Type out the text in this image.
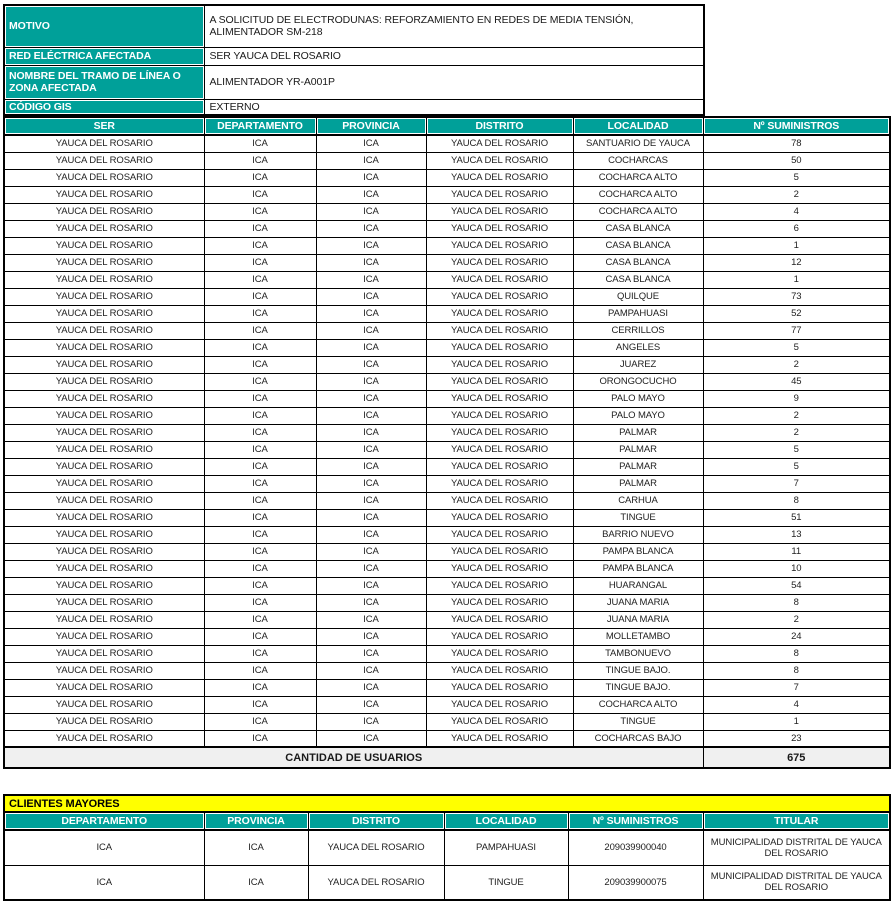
MOTIVO	A SOLICITUD DE ELECTRODUNAS: REFORZAMIENTO EN REDES DE MEDIA TENSIÓN, ALIMENTADOR SM-218
RED ELÉCTRICA AFECTADA	SER YAUCA DEL ROSARIO
NOMBRE DEL TRAMO DE LÍNEA O ZONA AFECTADA	ALIMENTADOR YR-A001P
CÓDIGO GIS	EXTERNO
SER	DEPARTAMENTO	PROVINCIA	DISTRITO	LOCALIDAD	Nº SUMINISTROS
YAUCA DEL ROSARIO	ICA	ICA	YAUCA DEL ROSARIO	SANTUARIO DE YAUCA	78
YAUCA DEL ROSARIO	ICA	ICA	YAUCA DEL ROSARIO	COCHARCAS	50
YAUCA DEL ROSARIO	ICA	ICA	YAUCA DEL ROSARIO	COCHARCA ALTO	5
YAUCA DEL ROSARIO	ICA	ICA	YAUCA DEL ROSARIO	COCHARCA ALTO	2
YAUCA DEL ROSARIO	ICA	ICA	YAUCA DEL ROSARIO	COCHARCA ALTO	4
YAUCA DEL ROSARIO	ICA	ICA	YAUCA DEL ROSARIO	CASA BLANCA	6
YAUCA DEL ROSARIO	ICA	ICA	YAUCA DEL ROSARIO	CASA BLANCA	1
YAUCA DEL ROSARIO	ICA	ICA	YAUCA DEL ROSARIO	CASA BLANCA	12
YAUCA DEL ROSARIO	ICA	ICA	YAUCA DEL ROSARIO	CASA BLANCA	1
YAUCA DEL ROSARIO	ICA	ICA	YAUCA DEL ROSARIO	QUILQUE	73
YAUCA DEL ROSARIO	ICA	ICA	YAUCA DEL ROSARIO	PAMPAHUASI	52
YAUCA DEL ROSARIO	ICA	ICA	YAUCA DEL ROSARIO	CERRILLOS	77
YAUCA DEL ROSARIO	ICA	ICA	YAUCA DEL ROSARIO	ANGELES	5
YAUCA DEL ROSARIO	ICA	ICA	YAUCA DEL ROSARIO	JUAREZ	2
YAUCA DEL ROSARIO	ICA	ICA	YAUCA DEL ROSARIO	ORONGOCUCHO	45
YAUCA DEL ROSARIO	ICA	ICA	YAUCA DEL ROSARIO	PALO MAYO	9
YAUCA DEL ROSARIO	ICA	ICA	YAUCA DEL ROSARIO	PALO MAYO	2
YAUCA DEL ROSARIO	ICA	ICA	YAUCA DEL ROSARIO	PALMAR	2
YAUCA DEL ROSARIO	ICA	ICA	YAUCA DEL ROSARIO	PALMAR	5
YAUCA DEL ROSARIO	ICA	ICA	YAUCA DEL ROSARIO	PALMAR	5
YAUCA DEL ROSARIO	ICA	ICA	YAUCA DEL ROSARIO	PALMAR	7
YAUCA DEL ROSARIO	ICA	ICA	YAUCA DEL ROSARIO	CARHUA	8
YAUCA DEL ROSARIO	ICA	ICA	YAUCA DEL ROSARIO	TINGUE	51
YAUCA DEL ROSARIO	ICA	ICA	YAUCA DEL ROSARIO	BARRIO NUEVO	13
YAUCA DEL ROSARIO	ICA	ICA	YAUCA DEL ROSARIO	PAMPA BLANCA	11
YAUCA DEL ROSARIO	ICA	ICA	YAUCA DEL ROSARIO	PAMPA BLANCA	10
YAUCA DEL ROSARIO	ICA	ICA	YAUCA DEL ROSARIO	HUARANGAL	54
YAUCA DEL ROSARIO	ICA	ICA	YAUCA DEL ROSARIO	JUANA MARIA	8
YAUCA DEL ROSARIO	ICA	ICA	YAUCA DEL ROSARIO	JUANA MARIA	2
YAUCA DEL ROSARIO	ICA	ICA	YAUCA DEL ROSARIO	MOLLETAMBO	24
YAUCA DEL ROSARIO	ICA	ICA	YAUCA DEL ROSARIO	TAMBONUEVO	8
YAUCA DEL ROSARIO	ICA	ICA	YAUCA DEL ROSARIO	TINGUE BAJO.	8
YAUCA DEL ROSARIO	ICA	ICA	YAUCA DEL ROSARIO	TINGUE BAJO.	7
YAUCA DEL ROSARIO	ICA	ICA	YAUCA DEL ROSARIO	COCHARCA ALTO	4
YAUCA DEL ROSARIO	ICA	ICA	YAUCA DEL ROSARIO	TINGUE	1
YAUCA DEL ROSARIO	ICA	ICA	YAUCA DEL ROSARIO	COCHARCAS BAJO	23
CANTIDAD DE USUARIOS					675
CLIENTES MAYORES					
DEPARTAMENTO	PROVINCIA	DISTRITO	LOCALIDAD	Nº SUMINISTROS	TITULAR
ICA	ICA	YAUCA DEL ROSARIO	PAMPAHUASI	209039900040	MUNICIPALIDAD DISTRITAL DE YAUCA DEL ROSARIO
ICA	ICA	YAUCA DEL ROSARIO	TINGUE	209039900075	MUNICIPALIDAD DISTRITAL DE YAUCA DEL ROSARIO
